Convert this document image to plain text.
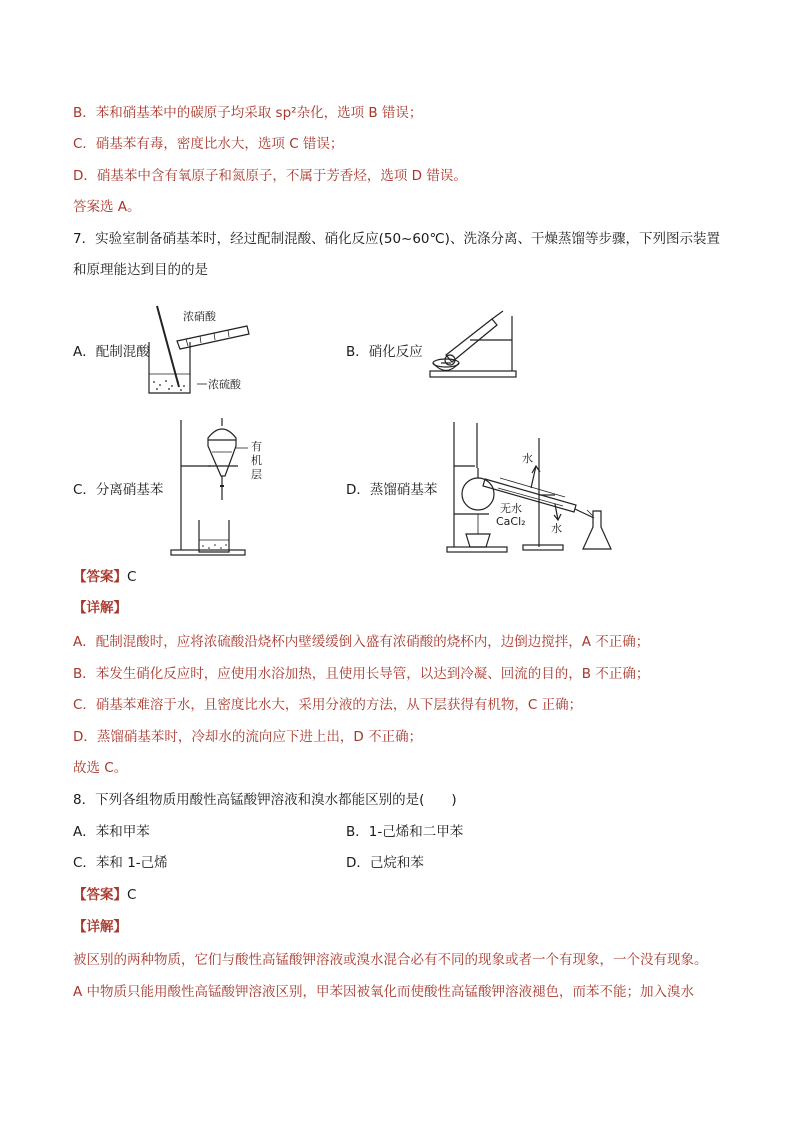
B．苯和硝基苯中的碳原子均采取 sp²杂化，选项 B 错误；
C．硝基苯有毒，密度比水大，选项 C 错误；
D．硝基苯中含有氧原子和氮原子，不属于芳香烃，选项 D 错误。
答案选 A。
7．实验室制备硝基苯时，经过配制混酸、硝化反应(50~60℃)、洗涤分离、干燥蒸馏等步骤，下列图示装置
和原理能达到目的的是
A．配制混酸	B．硝化反应
C．分离硝基苯	D．蒸馏硝基苯
浓硝酸
浓硫酸
有
机
层
水
水
无水
CaCl₂
【答案】C
【详解】
A．配制混酸时，应将浓硫酸沿烧杯内壁缓缓倒入盛有浓硝酸的烧杯内，边倒边搅拌，A 不正确；
B．苯发生硝化反应时，应使用水浴加热，且使用长导管，以达到冷凝、回流的目的，B 不正确；
C．硝基苯难溶于水，且密度比水大，采用分液的方法，从下层获得有机物，C 正确；
D．蒸馏硝基苯时，冷却水的流向应下进上出，D 不正确；
故选 C。
8．下列各组物质用酸性高锰酸钾溶液和溴水都能区别的是(　　)
A．苯和甲苯	B．1-己烯和二甲苯
C．苯和 1-己烯	D．己烷和苯
【答案】C
【详解】
被区别的两种物质，它们与酸性高锰酸钾溶液或溴水混合必有不同的现象或者一个有现象，一个没有现象。
A 中物质只能用酸性高锰酸钾溶液区别，甲苯因被氧化而使酸性高锰酸钾溶液褪色，而苯不能；加入溴水
